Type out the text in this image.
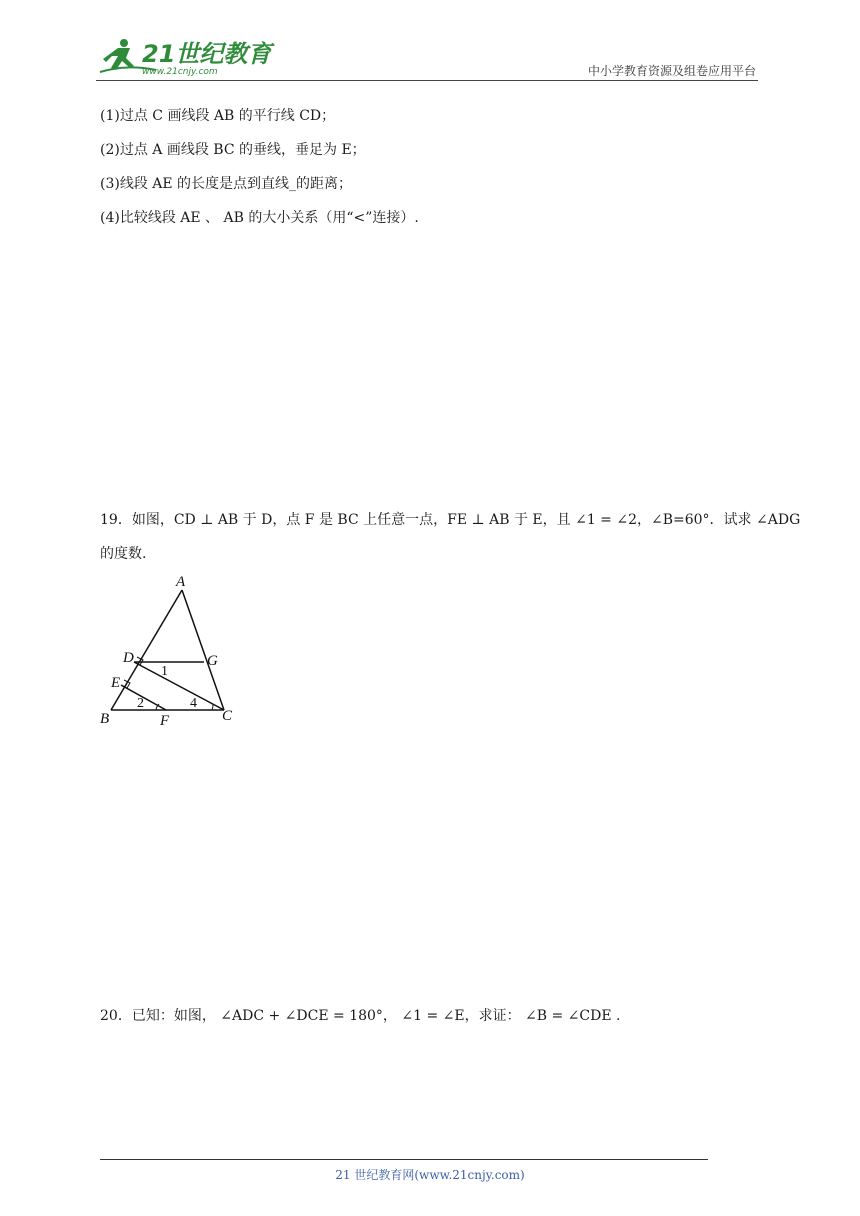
21世纪教育
www.21cnjy.com	中小学教育资源及组卷应用平台
(1)过点 C 画线段 AB 的平行线 CD；
(2)过点 A 画线段 BC 的垂线，垂足为 E；
(3)线段 AE 的长度是点到直线_的距离；
(4)比较线段 AE 、 AB 的大小关系（用“<”连接）.
19．如图，CD ⊥ AB 于 D，点 F 是 BC 上任意一点，FE ⊥ AB 于 E，且 ∠1 = ∠2，∠B=60°．试求 ∠ADG
的度数.
A
D	G
E
B	F	C
1
2	4
20．已知：如图， ∠ADC + ∠DCE = 180°， ∠1 = ∠E，求证： ∠B = ∠CDE .
21 世纪教育网(www.21cnjy.com)
